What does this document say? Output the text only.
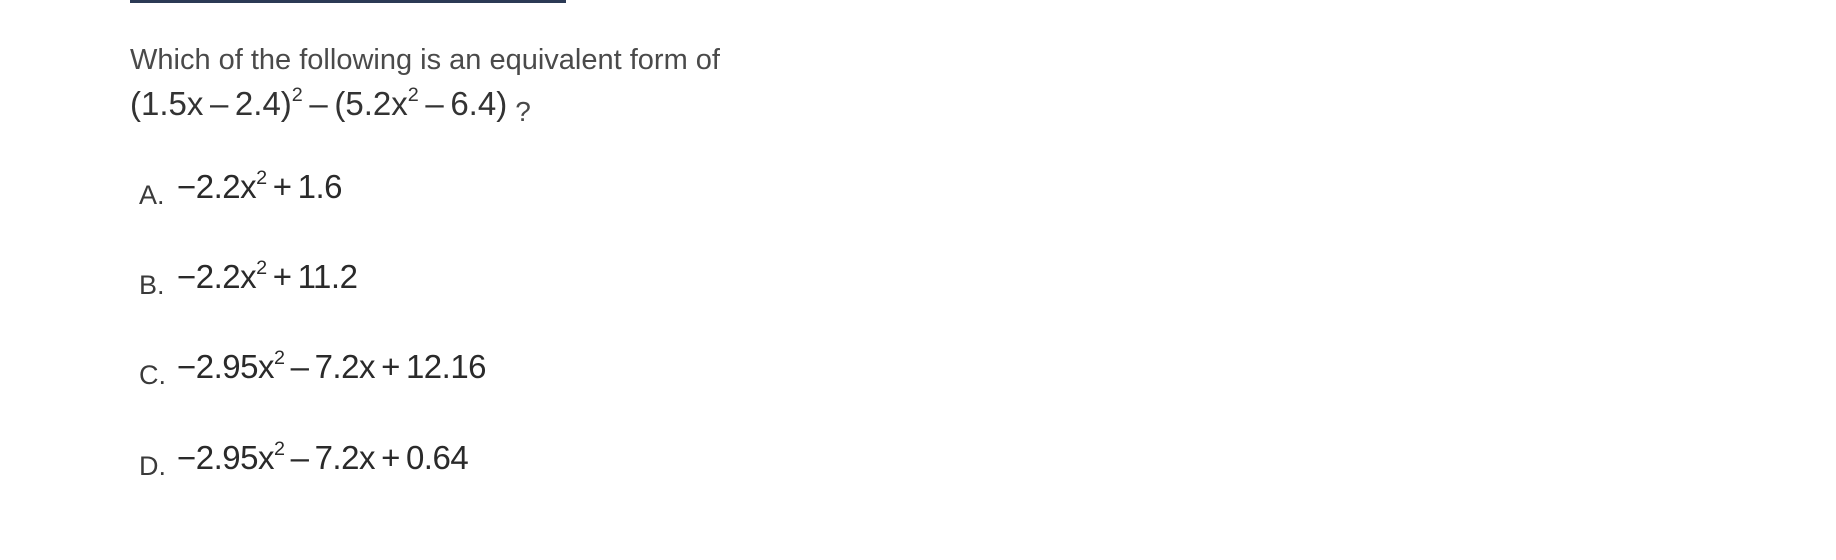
Which of the following is an equivalent form of
$(1.5x - 2.4)^2 - (5.2x^2 - 6.4)$ ?
A. $-2.2x^2 + 1.6$
B. $-2.2x^2 + 11.2$
C. $-2.95x^2 - 7.2x + 12.16$
D. $-2.95x^2 - 7.2x + 0.64$
